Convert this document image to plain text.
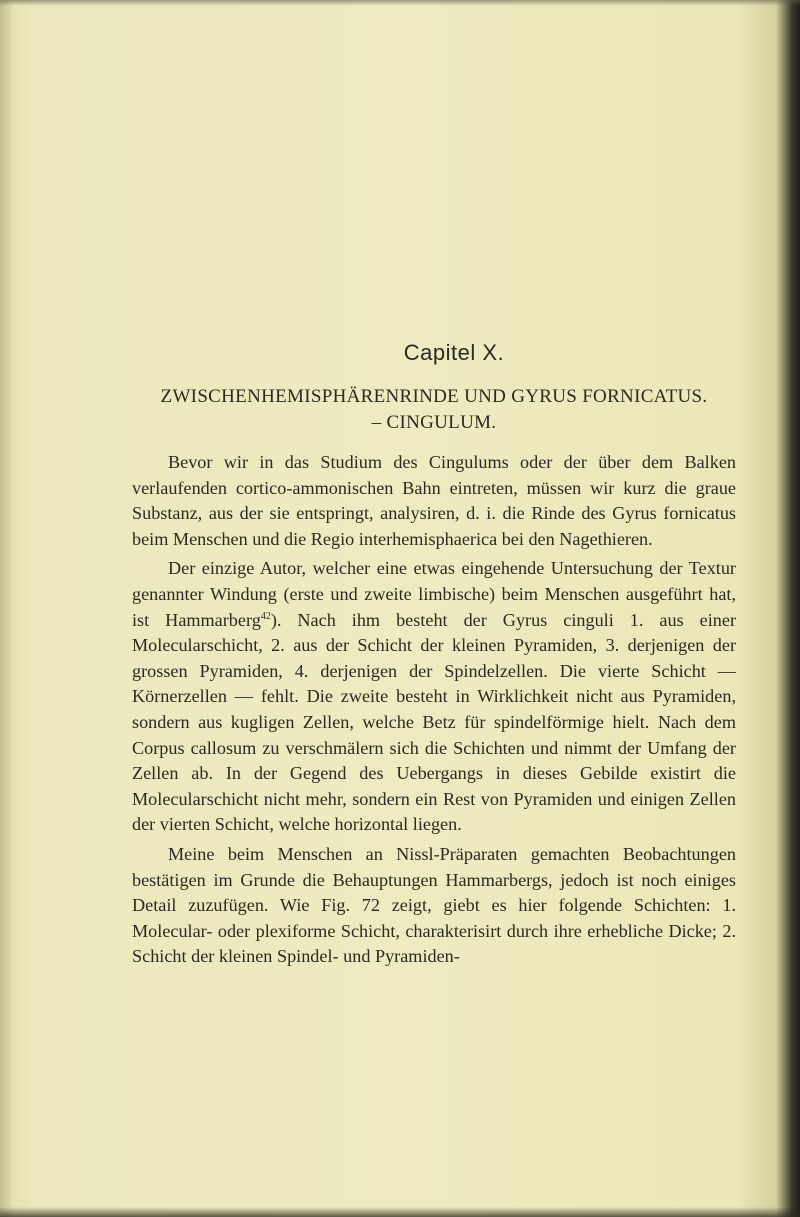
Capitel X.
ZWISCHENHEMISPHÄRENRINDE UND GYRUS FORNICATUS.
– CINGULUM.

Bevor wir in das Studium des Cingulums oder der über dem Balken verlaufenden cortico-ammonischen Bahn eintreten, müssen wir kurz die graue Substanz, aus der sie entspringt, analysiren, d. i. die Rinde des Gyrus fornicatus beim Menschen und die Regio interhemisphaerica bei den Nagethieren.

Der einzige Autor, welcher eine etwas eingehende Untersuchung der Textur genannter Windung (erste und zweite limbische) beim Menschen ausgeführt hat, ist Hammarberg$^{42}$). Nach ihm besteht der Gyrus cinguli 1. aus einer Molecularschicht, 2. aus der Schicht der kleinen Pyramiden, 3. derjenigen der grossen Pyramiden, 4. derjenigen der Spindelzellen. Die vierte Schicht — Körnerzellen — fehlt. Die zweite besteht in Wirklichkeit nicht aus Pyramiden, sondern aus kugligen Zellen, welche Betz für spindelförmige hielt. Nach dem Corpus callosum zu verschmälern sich die Schichten und nimmt der Umfang der Zellen ab. In der Gegend des Uebergangs in dieses Gebilde existirt die Molecularschicht nicht mehr, sondern ein Rest von Pyramiden und einigen Zellen der vierten Schicht, welche horizontal liegen.

Meine beim Menschen an Nissl-Präparaten gemachten Beobachtungen bestätigen im Grunde die Behauptungen Hammarbergs, jedoch ist noch einiges Detail zuzufügen. Wie Fig. 72 zeigt, giebt es hier folgende Schichten: 1. Molecular- oder plexiforme Schicht, charakterisirt durch ihre erhebliche Dicke; 2. Schicht der kleinen Spindel- und Pyramiden-
